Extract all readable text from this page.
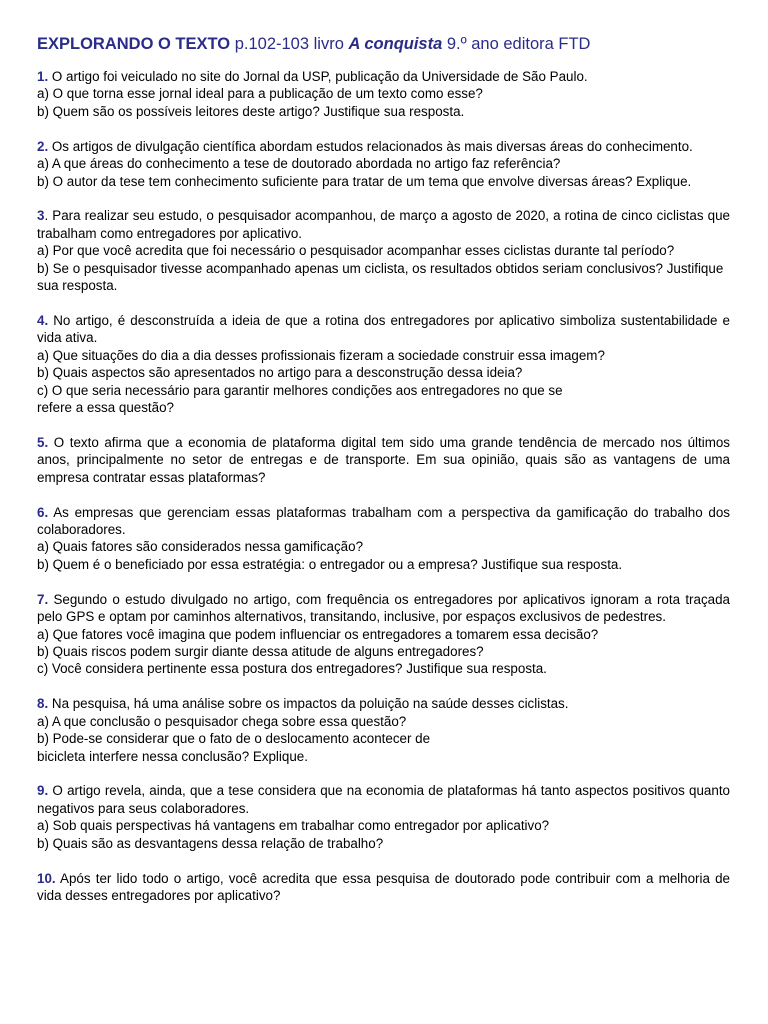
EXPLORANDO O TEXTO p.102-103 livro A conquista 9.º ano editora FTD

1. O artigo foi veiculado no site do Jornal da USP, publicação da Universidade de São Paulo.

a) O que torna esse jornal ideal para a publicação de um texto como esse?

b) Quem são os possíveis leitores deste artigo? Justifique sua resposta.

2. Os artigos de divulgação científica abordam estudos relacionados às mais diversas áreas do conhecimento.

a) A que áreas do conhecimento a tese de doutorado abordada no artigo faz referência?

b) O autor da tese tem conhecimento suficiente para tratar de um tema que envolve diversas áreas? Explique.

3. Para realizar seu estudo, o pesquisador acompanhou, de março a agosto de 2020, a rotina de cinco ciclistas que trabalham como entregadores por aplicativo.

a) Por que você acredita que foi necessário o pesquisador acompanhar esses ciclistas durante tal período?

b) Se o pesquisador tivesse acompanhado apenas um ciclista, os resultados obtidos seriam conclusivos? Justifique sua resposta.

4. No artigo, é desconstruída a ideia de que a rotina dos entregadores por aplicativo simboliza sustentabilidade e vida ativa.

a) Que situações do dia a dia desses profissionais fizeram a sociedade construir essa imagem?

b) Quais aspectos são apresentados no artigo para a desconstrução dessa ideia?

c) O que seria necessário para garantir melhores condições aos entregadores no que se

refere a essa questão?

5. O texto afirma que a economia de plataforma digital tem sido uma grande tendência de mercado nos últimos anos, principalmente no setor de entregas e de transporte. Em sua opinião, quais são as vantagens de uma empresa contratar essas plataformas?

6. As empresas que gerenciam essas plataformas trabalham com a perspectiva da gamificação do trabalho dos colaboradores.

a) Quais fatores são considerados nessa gamificação?

b) Quem é o beneficiado por essa estratégia: o entregador ou a empresa? Justifique sua resposta.

7. Segundo o estudo divulgado no artigo, com frequência os entregadores por aplicativos ignoram a rota traçada pelo GPS e optam por caminhos alternativos, transitando, inclusive, por espaços exclusivos de pedestres.

a) Que fatores você imagina que podem influenciar os entregadores a tomarem essa decisão?

b) Quais riscos podem surgir diante dessa atitude de alguns entregadores?

c) Você considera pertinente essa postura dos entregadores? Justifique sua resposta.

8. Na pesquisa, há uma análise sobre os impactos da poluição na saúde desses ciclistas.

a) A que conclusão o pesquisador chega sobre essa questão?

b) Pode-se considerar que o fato de o deslocamento acontecer de

bicicleta interfere nessa conclusão? Explique.

9. O artigo revela, ainda, que a tese considera que na economia de plataformas há tanto aspectos positivos quanto negativos para seus colaboradores.

a) Sob quais perspectivas há vantagens em trabalhar como entregador por aplicativo?

b) Quais são as desvantagens dessa relação de trabalho?

10. Após ter lido todo o artigo, você acredita que essa pesquisa de doutorado pode contribuir com a melhoria de vida desses entregadores por aplicativo?
